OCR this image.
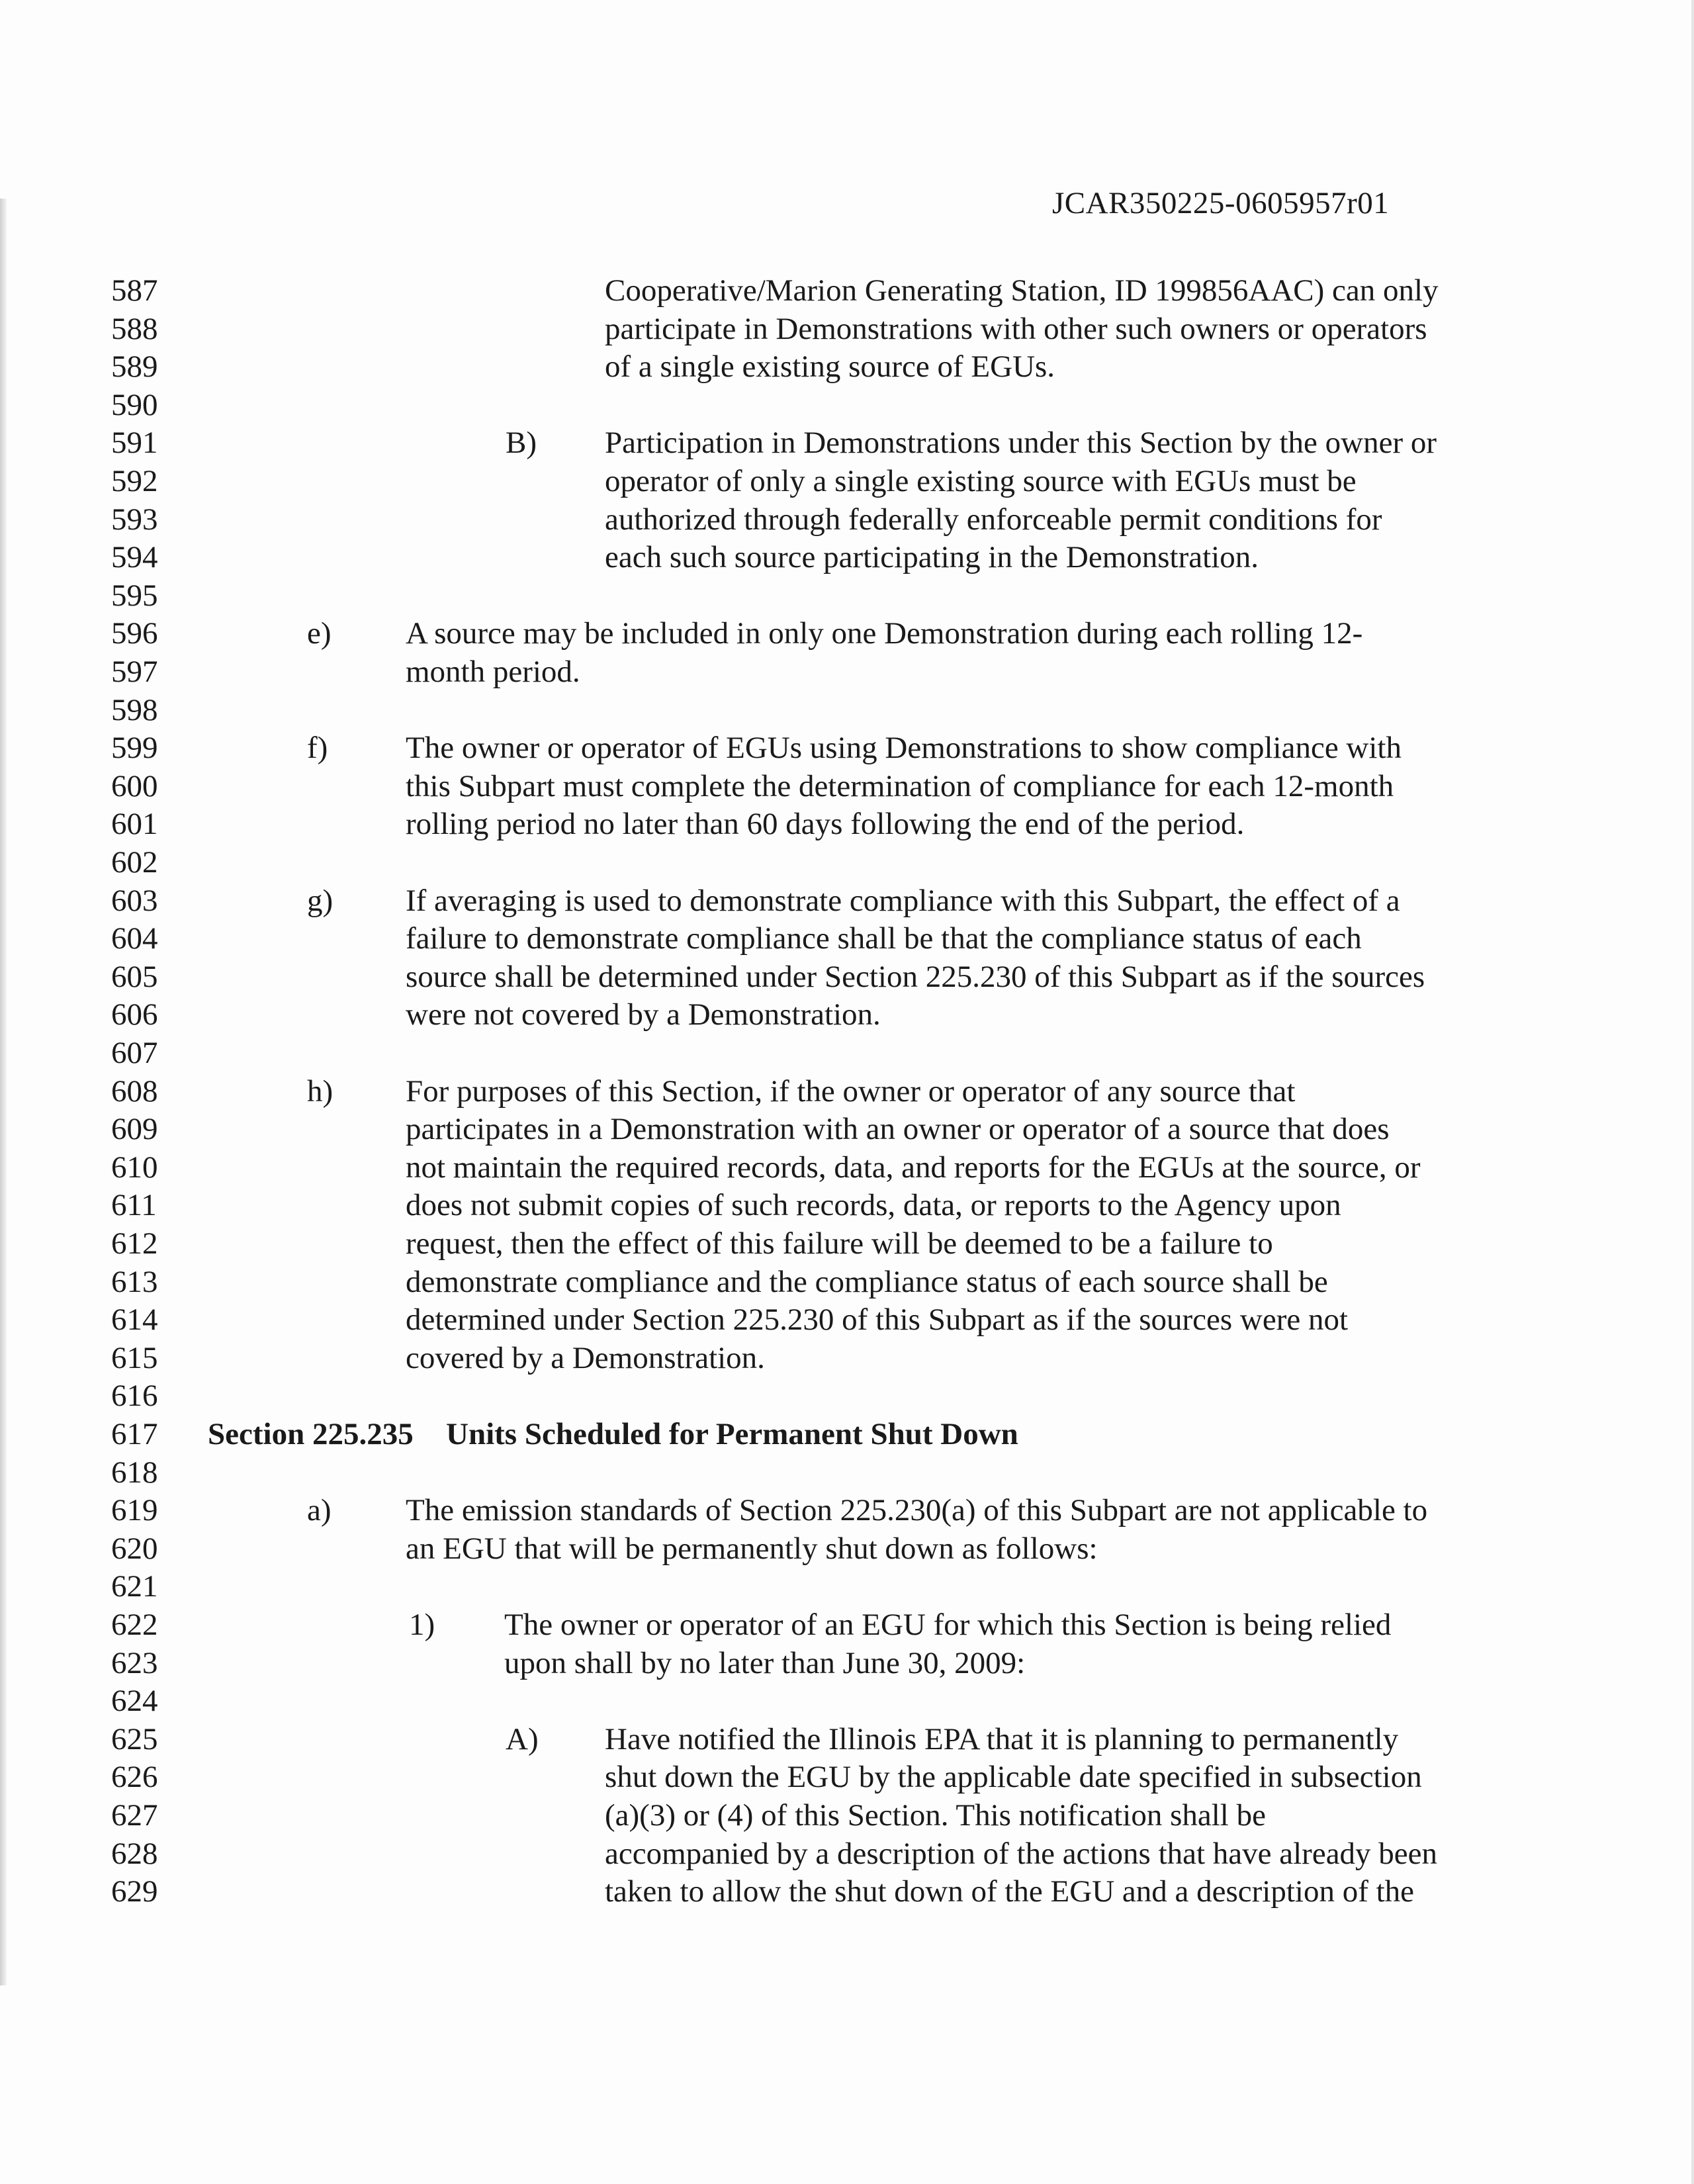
JCAR350225-0605957r01
587	Cooperative/Marion Generating Station, ID 199856AAC) can only
588	participate in Demonstrations with other such owners or operators
589	of a single existing source of EGUs.
590
591	B) Participation in Demonstrations under this Section by the owner or
592	operator of only a single existing source with EGUs must be
593	authorized through federally enforceable permit conditions for
594	each such source participating in the Demonstration.
595
596	e) A source may be included in only one Demonstration during each rolling 12-
597	month period.
598
599	f)	The owner or operator of EGUs using Demonstrations to show compliance with
600	this Subpart must complete the determination of compliance for each 12-month
601	rolling period no later than 60 days following the end of the period.
602
603	g) If averaging is used to demonstrate compliance with this Subpart, the effect of a
604	failure to demonstrate compliance shall be that the compliance status of each
605	source shall be determined under Section 225.230 of this Subpart as if the sources
606	were not covered by a Demonstration.
607
608	h) For purposes of this Section, if the owner or operator of any source that
609	participates in a Demonstration with an owner or operator of a source that does
610	not maintain the required records, data, and reports for the EGUs at the source, or
611	does not submit copies of such records, data, or reports to the Agency upon
612	request, then the effect of this failure will be deemed to be a failure to
613	demonstrate compliance and the compliance status of each source shall be
614	determined under Section 225.230 of this Subpart as if the sources were not
615	covered by a Demonstration.
616
617	Section 225.235 Units Scheduled for Permanent Shut Down
618
619	a) The emission standards of Section 225.230(a) of this Subpart are not applicable to
620	an EGU that will be permanently shut down as follows:
621
622	1) The owner or operator of an EGU for which this Section is being relied
623	upon shall by no later than June 30, 2009:
624
625	A) Have notified the Illinois EPA that it is planning to permanently
626	shut down the EGU by the applicable date specified in subsection
627	(a)(3) or (4) of this Section. This notification shall be
628	accompanied by a description of the actions that have already been
629	taken to allow the shut down of the EGU and a description of the
